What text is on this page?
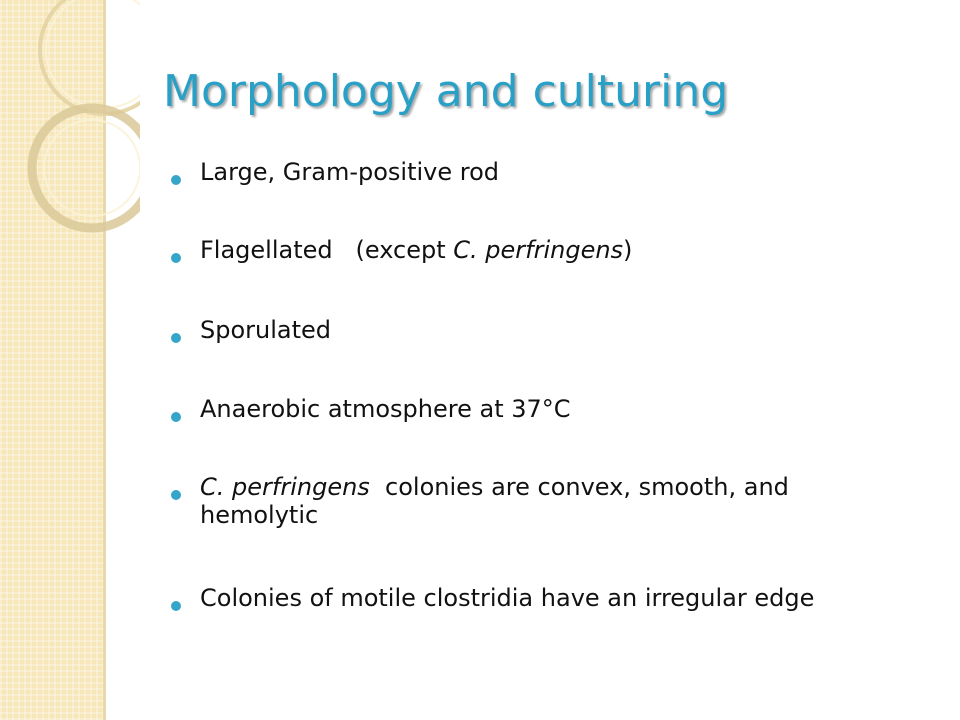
Morphology and culturing
Large, Gram-positive rod
Flagellated   (except C. perfringens)
Sporulated
Anaerobic atmosphere at 37°C
C. perfringens  colonies are convex, smooth, and hemolytic
Colonies of motile clostridia have an irregular edge
